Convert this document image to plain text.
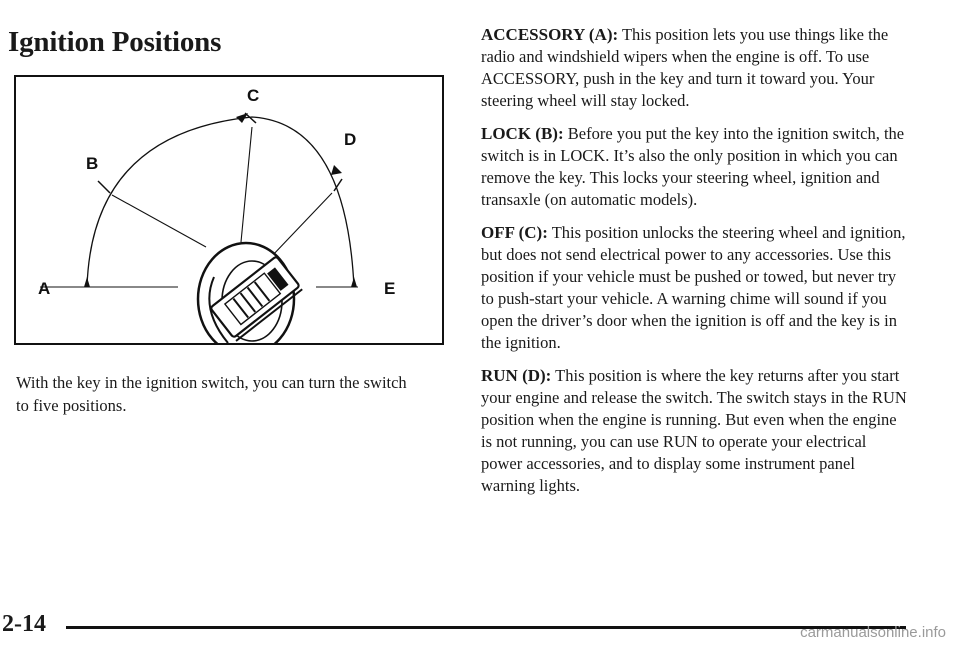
Ignition Positions
C
D
B
A	E

With the key in the ignition switch, you can turn the switch to five positions.

ACCESSORY (A): This position lets you use things like the radio and windshield wipers when the engine is off. To use ACCESSORY, push in the key and turn it toward you. Your steering wheel will stay locked.

LOCK (B): Before you put the key into the ignition switch, the switch is in LOCK. It’s also the only position in which you can remove the key. This locks your steering wheel, ignition and transaxle (on automatic models).

OFF (C): This position unlocks the steering wheel and ignition, but does not send electrical power to any accessories. Use this position if your vehicle must be pushed or towed, but never try to push-start your vehicle. A warning chime will sound if you open the driver’s door when the ignition is off and the key is in the ignition.

RUN (D): This position is where the key returns after you start your engine and release the switch. The switch stays in the RUN position when the engine is running. But even when the engine is not running, you can use RUN to operate your electrical power accessories, and to display some instrument panel warning lights.

2-14	carmanualsonline.info
